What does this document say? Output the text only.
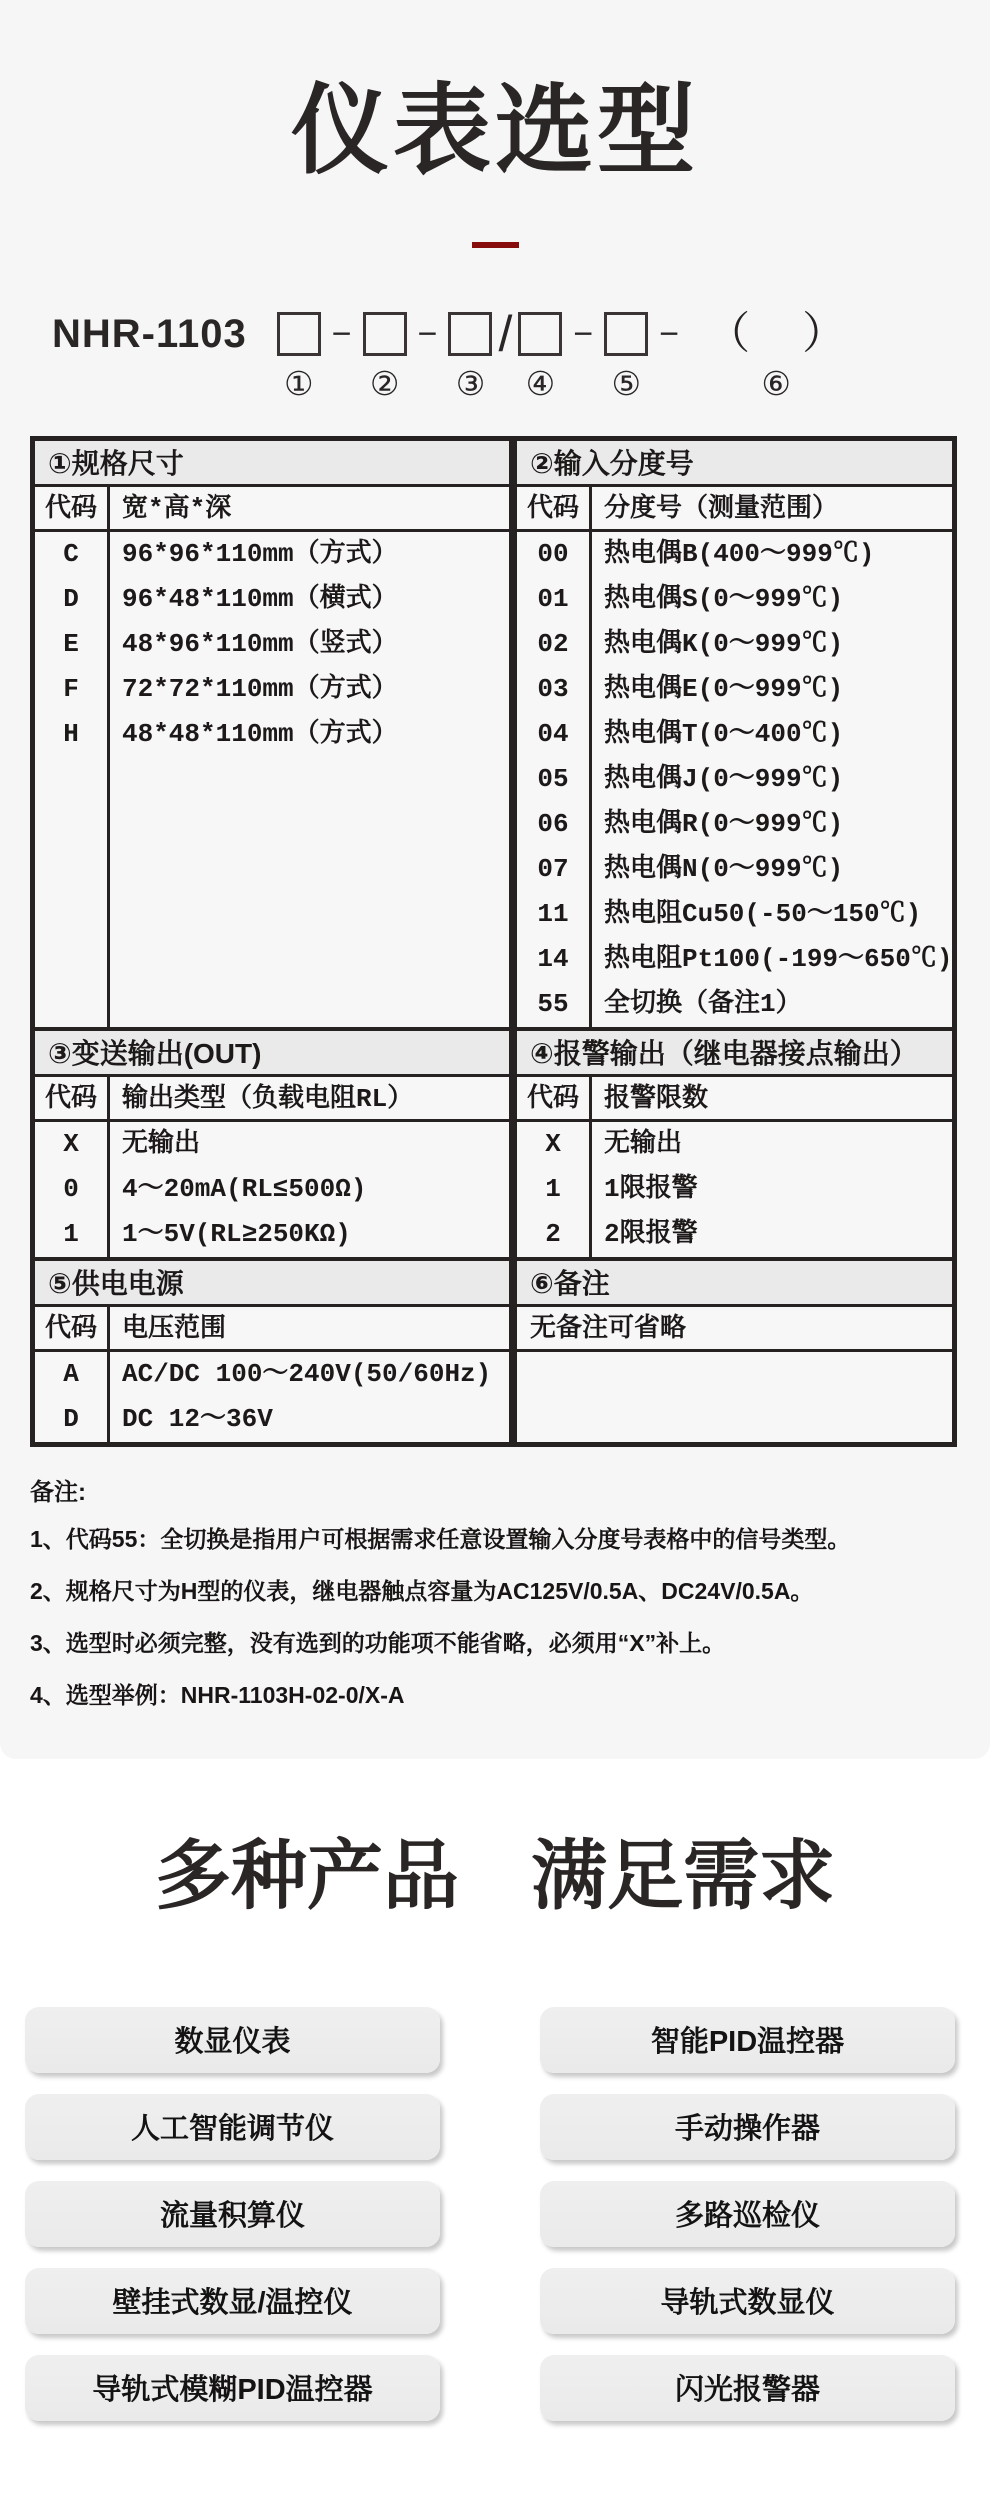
仪表选型
NHR-1103
①
−
②
−
③
/
④
−
⑤
− （ ）
⑥
①规格尺寸	②输入分度号
代码 宽*高*深
C	96*96*110mm（方式）
D	96*48*110mm（横式）
E	48*96*110mm（竖式）
F	72*72*110mm（方式）
H	48*48*110mm（方式）
代码 分度号（测量范围）
00	热电偶B(400～999℃)
01	热电偶S(0～999℃)
02	热电偶K(0～999℃)
03	热电偶E(0～999℃)
04	热电偶T(0～400℃)
05	热电偶J(0～999℃)
06	热电偶R(0～999℃)
07	热电偶N(0～999℃)
11	热电阻Cu50(-50～150℃)
14	热电阻Pt100(-199～650℃)
55	全切换（备注1）
③变送输出(OUT)	④报警输出（继电器接点输出）
代码 输出类型（负载电阻RL）
X	无输出
0	4～20mA(RL≤500Ω)
1	1～5V(RL≥250KΩ)
代码 报警限数
X	无输出
1	1限报警
2	2限报警
⑤供电电源	⑥备注
代码 电压范围
A	AC/DC 100～240V(50/60Hz)
D	DC 12～36V
无备注可省略
备注:
1、代码55：全切换是指用户可根据需求任意设置输入分度号表格中的信号类型。
2、规格尺寸为H型的仪表，继电器触点容量为AC125V/0.5A、DC24V/0.5A。
3、选型时必须完整，没有选到的功能项不能省略，必须用“X”补上。
4、选型举例：NHR-1103H-02-0/X-A
多种产品 满足需求
数显仪表	智能PID温控器
人工智能调节仪	手动操作器
流量积算仪	多路巡检仪
壁挂式数显/温控仪	导轨式数显仪
导轨式模糊PID温控器	闪光报警器
